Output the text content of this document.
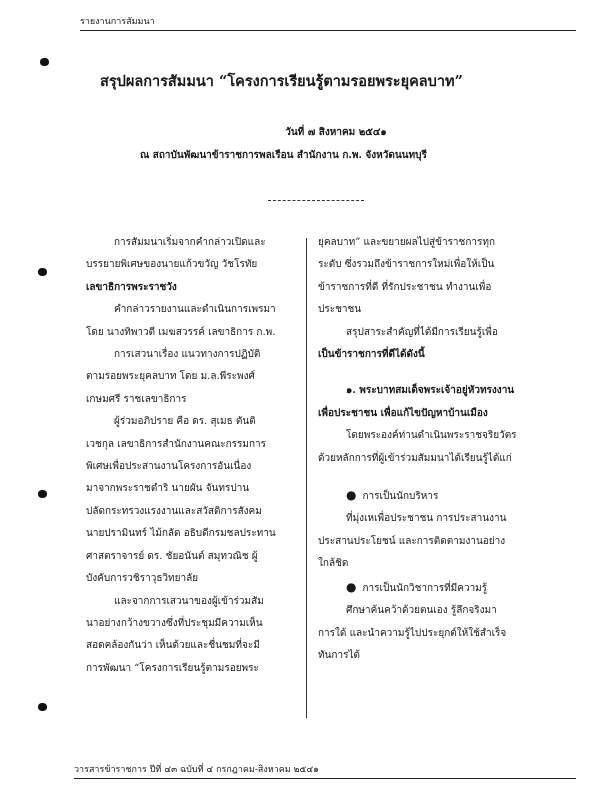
รายงานการสัมมนา
สรุปผลการสัมมนา “โครงการเรียนรู้ตามรอยพระยุคลบาท”
วันที่ ๗ สิงหาคม ๒๕๔๑
ณ สถาบันพัฒนาข้าราชการพลเรือน สำนักงาน ก.พ. จังหวัดนนทบุรี

การสัมมนาเริ่มจากคำกล่าวเปิดและ
บรรยายพิเศษของนายแก้วขวัญ วัชโรทัย
เลขาธิการพระราชวัง

คำกล่าวรายงานและดำเนินการเพรมา
โดย นางทิพาวดี เมฆสวรรค์ เลขาธิการ ก.พ.

การเสวนาเรื่อง แนวทางการปฏิบัติ
ตามรอยพระยุคลบาท โดย ม.ล.พีระพงศ์
เกษมศรี ราชเลขาธิการ

ผู้ร่วมอภิปราย คือ ดร. สุเมธ ตันติ
เวชกุล เลขาธิการสำนักงานคณะกรรมการ
พิเศษเพื่อประสานงานโครงการอันเนื่อง
มาจากพระราชดำริ นายผัน จันทรปาน
ปลัดกระทรวงแรงงานและสวัสดิการสังคม
นายปรามินทร์ ไม้กลัด อธิบดีกรมชลประทาน
ศาสตราจารย์ ดร. ชัยอนันต์ สมุทวณิช ผู้
บังคับการวชิราวุธวิทยาลัย

และจากการเสวนาของผู้เข้าร่วมสัม
นาอย่างกว้างขวางซึ่งที่ประชุมมีความเห็น
สอดคล้องกันว่า เห็นด้วยและชื่นชมที่จะมี
การพัฒนา “โครงการเรียนรู้ตามรอยพระ

ยุคลบาท” และขยายผลไปสู่ข้าราชการทุก
ระดับ ซึ่งรวมถึงข้าราชการใหม่เพื่อให้เป็น
ข้าราชการที่ดี ที่รักประชาชน ทำงานเพื่อ
ประชาชน

สรุปสาระสำคัญที่ได้มีการเรียนรู้เพื่อ
เป็นข้าราชการที่ดีได้ดังนี้

๑. พระบาทสมเด็จพระเจ้าอยู่หัวทรงงาน
เพื่อประชาชน เพื่อแก้ไขปัญหาบ้านเมือง

โดยพระองค์ท่านดำเนินพระราชจริยวัตร
ด้วยหลักการที่ผู้เข้าร่วมสัมมนาได้เรียนรู้ได้แก่

● การเป็นนักบริหาร

ที่มุ่งเหเพื่อประชาชน การประสานงาน
ประสานประโยชน์ และการติดตามงานอย่าง
ใกล้ชิด

● การเป็นนักวิชาการที่มีความรู้

ศึกษาค้นคว้าด้วยตนเอง รู้ลึกจริงมา
การใด้ และนำความรู้ไปประยุกต์ให้ใช้สำเร็จ
ทันการได้

วารสารข้าราชการ ปีที่ ๔๓ ฉบับที่ ๔ กรกฎาคม-สิงหาคม ๒๕๔๑
